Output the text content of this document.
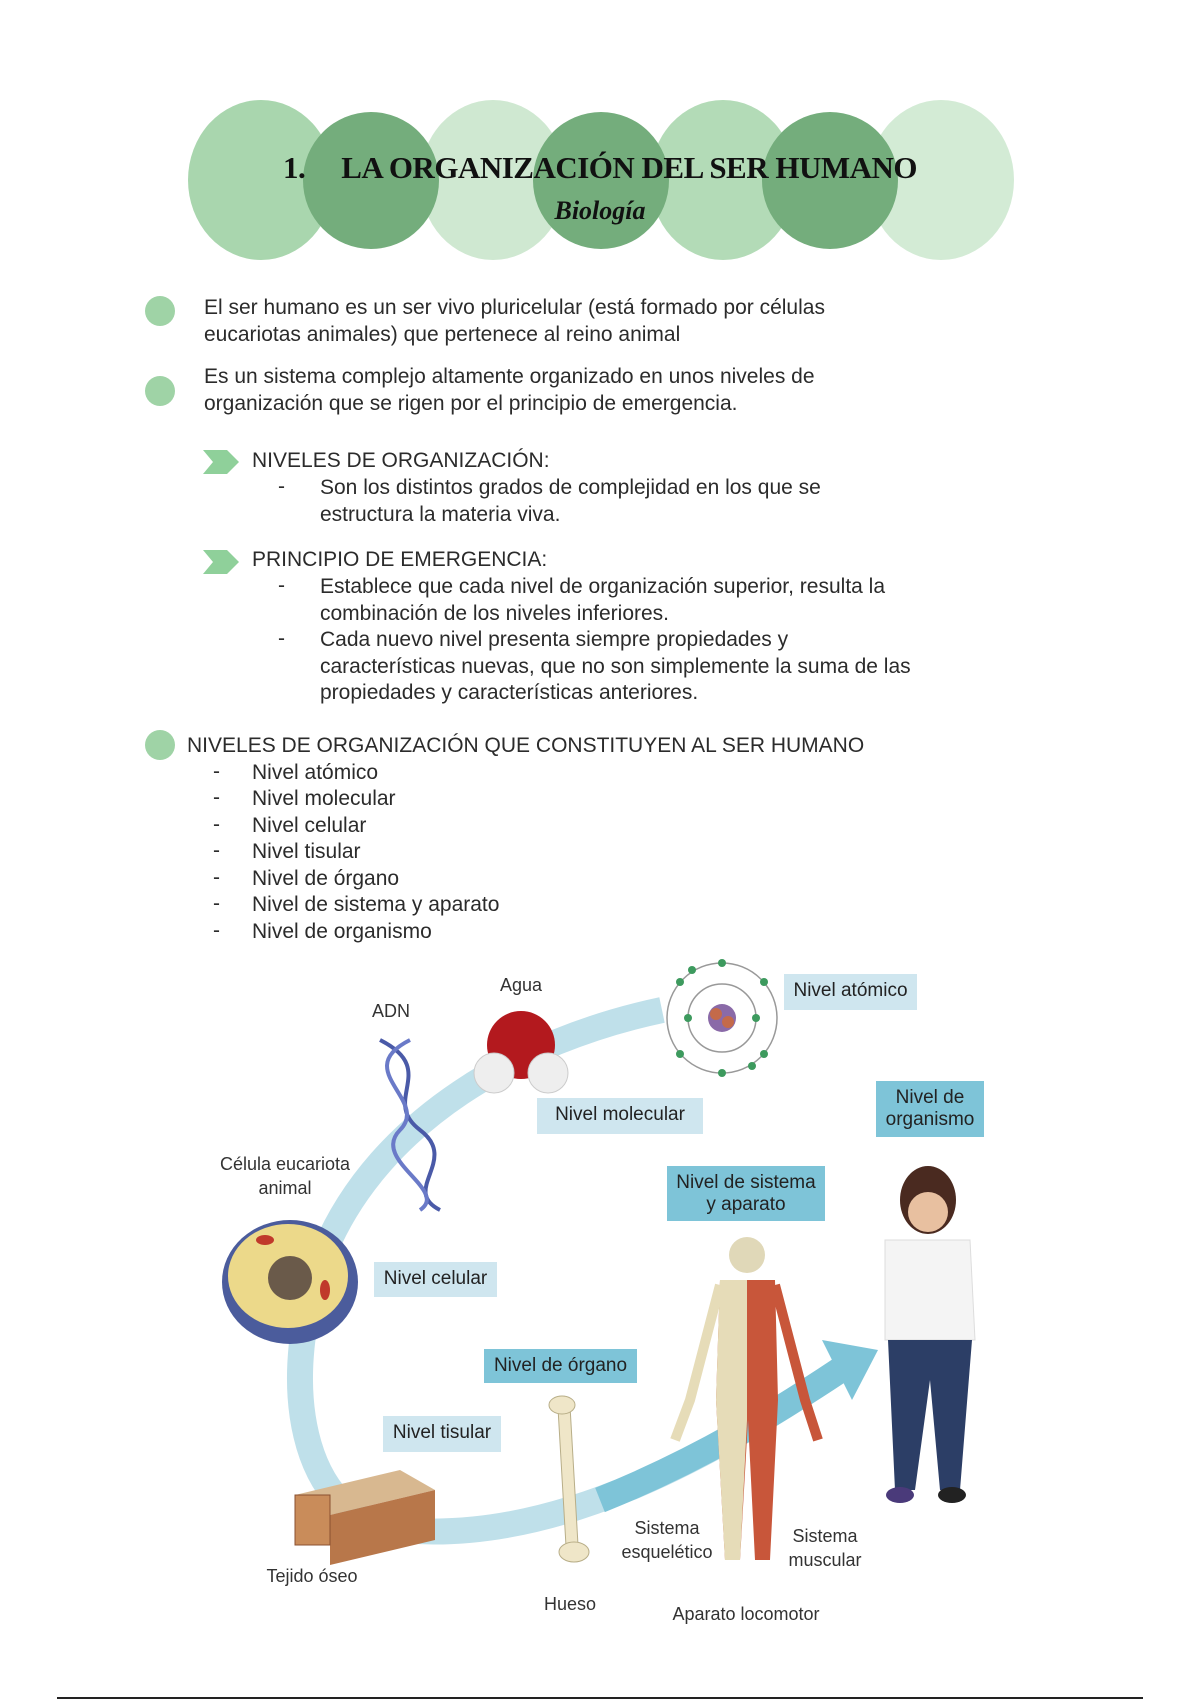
1. LA ORGANIZACIÓN DEL SER HUMANO
Biología
El ser humano es un ser vivo pluricelular (está formado por células
eucariotas animales) que pertenece al reino animal
Es un sistema complejo altamente organizado en unos niveles de
organización que se rigen por el principio de emergencia.
NIVELES DE ORGANIZACIÓN:
- Son los distintos grados de complejidad en los que se
estructura la materia viva.
PRINCIPIO DE EMERGENCIA:
- Establece que cada nivel de organización superior, resulta la
combinación de los niveles inferiores.
- Cada nuevo nivel presenta siempre propiedades y
características nuevas, que no son simplemente la suma de las
propiedades y características anteriores.
NIVELES DE ORGANIZACIÓN QUE CONSTITUYEN AL SER HUMANO
- Nivel atómico
- Nivel molecular
- Nivel celular
- Nivel tisular
- Nivel de órgano
- Nivel de sistema y aparato
- Nivel de organismo
Nivel atómico
Nivel molecular
Nivel de
organismo
Nivel de sistema
y aparato
Nivel celular
Nivel de órgano
Nivel tisular
Agua
ADN
Célula eucariota
animal
Tejido óseo
Hueso
Sistema
esquelético
Sistema
muscular
Aparato locomotor
